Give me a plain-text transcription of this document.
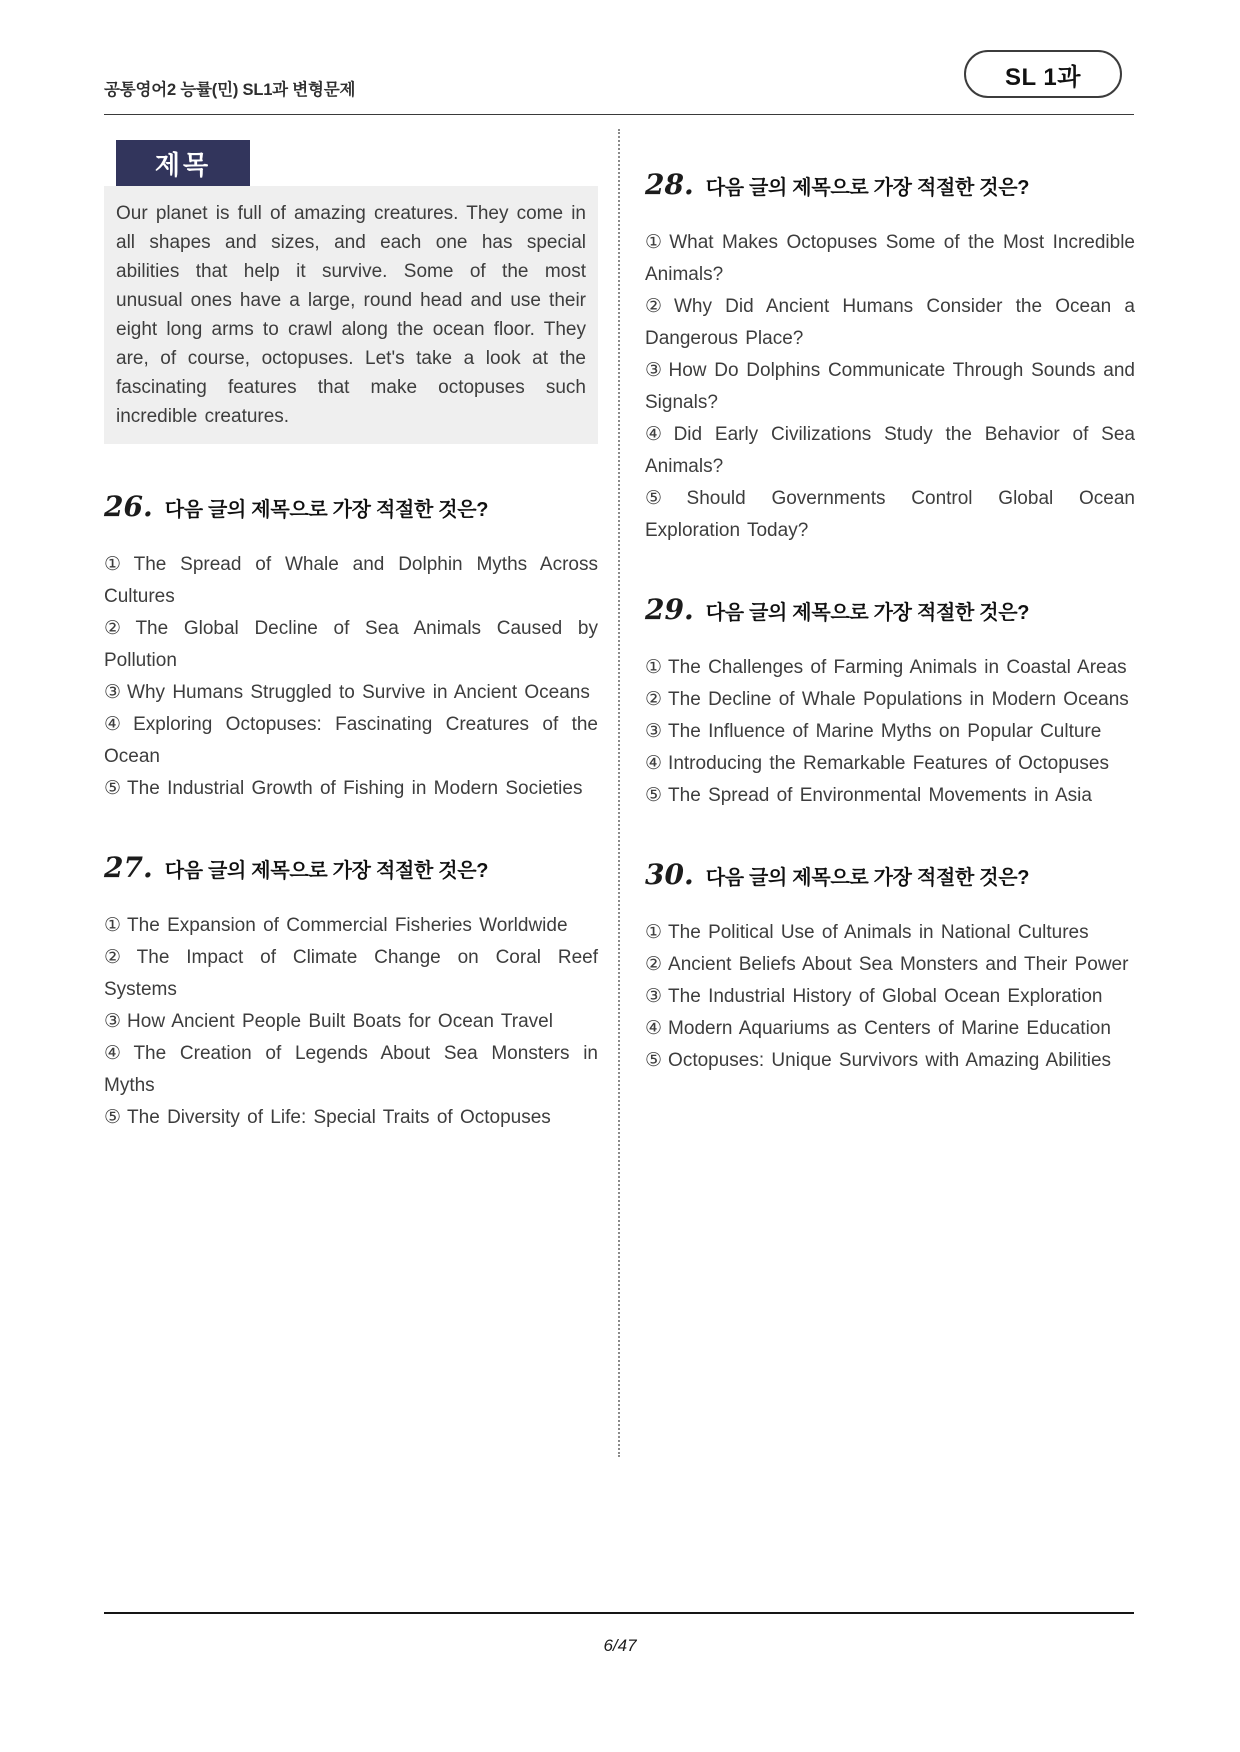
공통영어2 능률(민) SL1과 변형문제	SL 1과
제목
Our planet is full of amazing creatures. They come in all shapes and sizes, and each one has special abilities that help it survive. Some of the most unusual ones have a large, round head and use their eight long arms to crawl along the ocean floor. They are, of course, octopuses. Let's take a look at the fascinating features that make octopuses such incredible creatures.
26. 다음 글의 제목으로 가장 적절한 것은?

① The Spread of Whale and Dolphin Myths Across Cultures

② The Global Decline of Sea Animals Caused by Pollution

③ Why Humans Struggled to Survive in Ancient Oceans

④ Exploring Octopuses: Fascinating Creatures of the Ocean

⑤ The Industrial Growth of Fishing in Modern Societies

27. 다음 글의 제목으로 가장 적절한 것은?

① The Expansion of Commercial Fisheries Worldwide

② The Impact of Climate Change on Coral Reef Systems

③ How Ancient People Built Boats for Ocean Travel

④ The Creation of Legends About Sea Monsters in Myths

⑤ The Diversity of Life: Special Traits of Octopuses

28. 다음 글의 제목으로 가장 적절한 것은?

① What Makes Octopuses Some of the Most Incredible Animals?

② Why Did Ancient Humans Consider the Ocean a Dangerous Place?

③ How Do Dolphins Communicate Through Sounds and Signals?

④ Did Early Civilizations Study the Behavior of Sea Animals?

⑤ Should Governments Control Global Ocean Exploration Today?

29. 다음 글의 제목으로 가장 적절한 것은?

① The Challenges of Farming Animals in Coastal Areas

② The Decline of Whale Populations in Modern Oceans

③ The Influence of Marine Myths on Popular Culture

④ Introducing the Remarkable Features of Octopuses

⑤ The Spread of Environmental Movements in Asia

30. 다음 글의 제목으로 가장 적절한 것은?

① The Political Use of Animals in National Cultures

② Ancient Beliefs About Sea Monsters and Their Power

③ The Industrial History of Global Ocean Exploration

④ Modern Aquariums as Centers of Marine Education

⑤ Octopuses: Unique Survivors with Amazing Abilities

6/47
